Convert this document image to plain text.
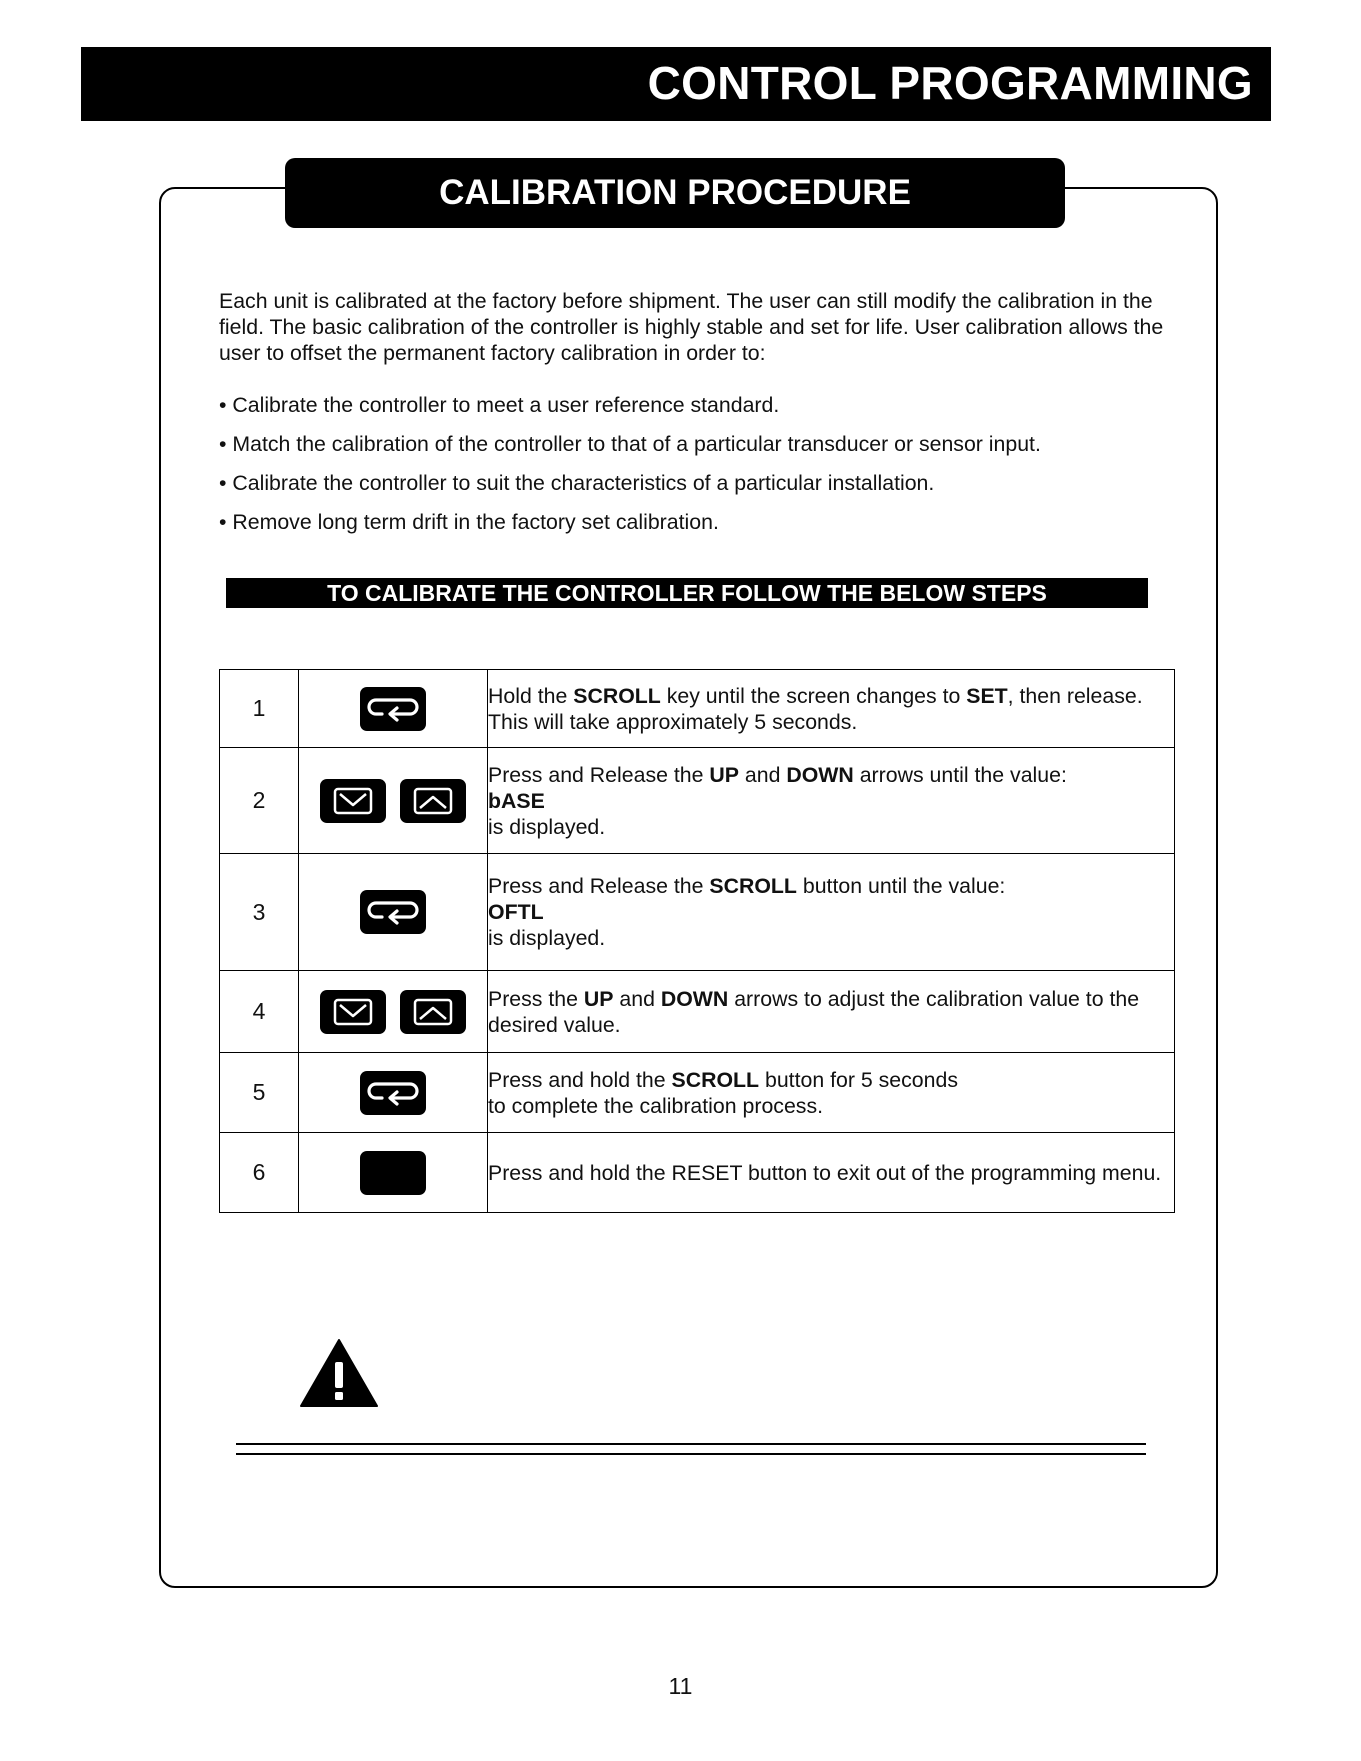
CONTROL PROGRAMMING
CALIBRATION PROCEDURE

Each unit is calibrated at the factory before shipment. The user can still modify the calibration in the field. The basic calibration of the controller is highly stable and set for life. User calibration allows the user to offset the permanent factory calibration in order to:

• Calibrate the controller to meet a user reference standard.
• Match the calibration of the controller to that of a particular transducer or sensor input.
• Calibrate the controller to suit the characteristics of a particular installation.
• Remove long term drift in the factory set calibration.
TO CALIBRATE THE CONTROLLER FOLLOW THE BELOW STEPS
1		Hold the SCROLL key until the screen changes to SET, then release. This will take approximately 5 seconds.
2		Press and Release the UP and DOWN arrows until the value:
bASE
is displayed.
3		Press and Release the SCROLL button until the value:
OFTL
is displayed.
4		Press the UP and DOWN arrows to adjust the calibration value to the desired value.
5		Press and hold the SCROLL button for 5 seconds
to complete the calibration process.
6		Press and hold the RESET button to exit out of the programming menu.
11
